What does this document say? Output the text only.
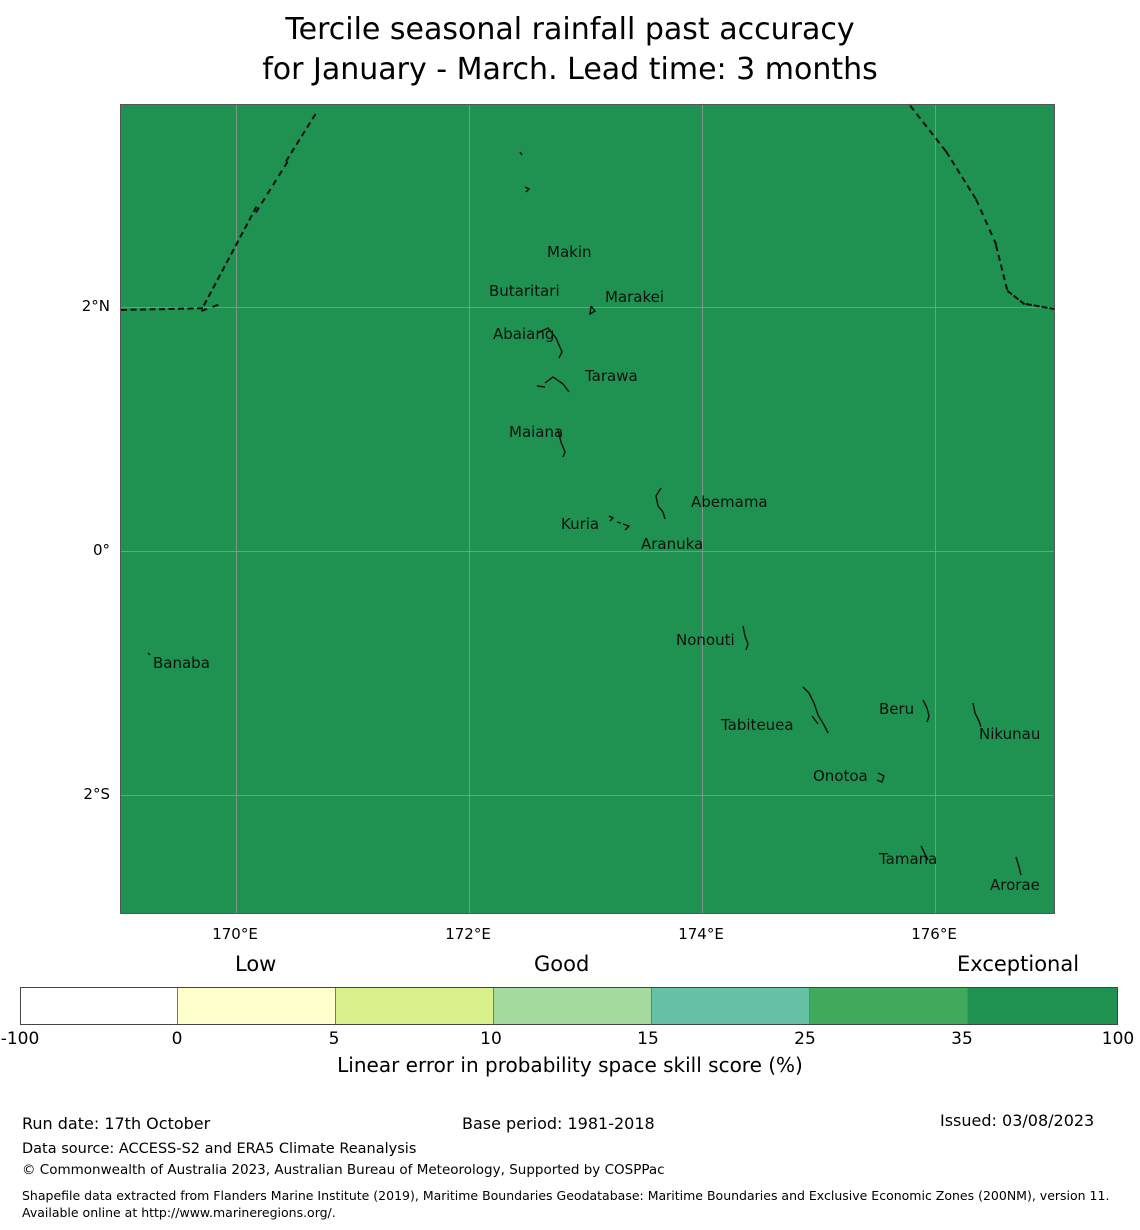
Tercile seasonal rainfall past accuracy
for January - March. Lead time: 3 months
Makin
Butaritari	Marakei
Abaiang
Tarawa
Maiana
Abemama
Kuria
Aranuka
Banaba
Nonouti
Tabiteuea
Beru
Nikunau
Onotoa
Tamana
Arorae
2°N
0°
2°S
170°E	172°E	174°E	176°E
Low	Good	Exceptional
-100	0	5	10	15	25	35	100
Linear error in probability space skill score (%)
Run date: 17th October	Base period: 1981-2018	Issued: 03/08/2023
Data source: ACCESS-S2 and ERA5 Climate Reanalysis
© Commonwealth of Australia 2023, Australian Bureau of Meteorology, Supported by COSPPac
Shapefile data extracted from Flanders Marine Institute (2019), Maritime Boundaries Geodatabase: Maritime Boundaries and Exclusive Economic Zones (200NM), version 11. Available online at http://www.marineregions.org/.
